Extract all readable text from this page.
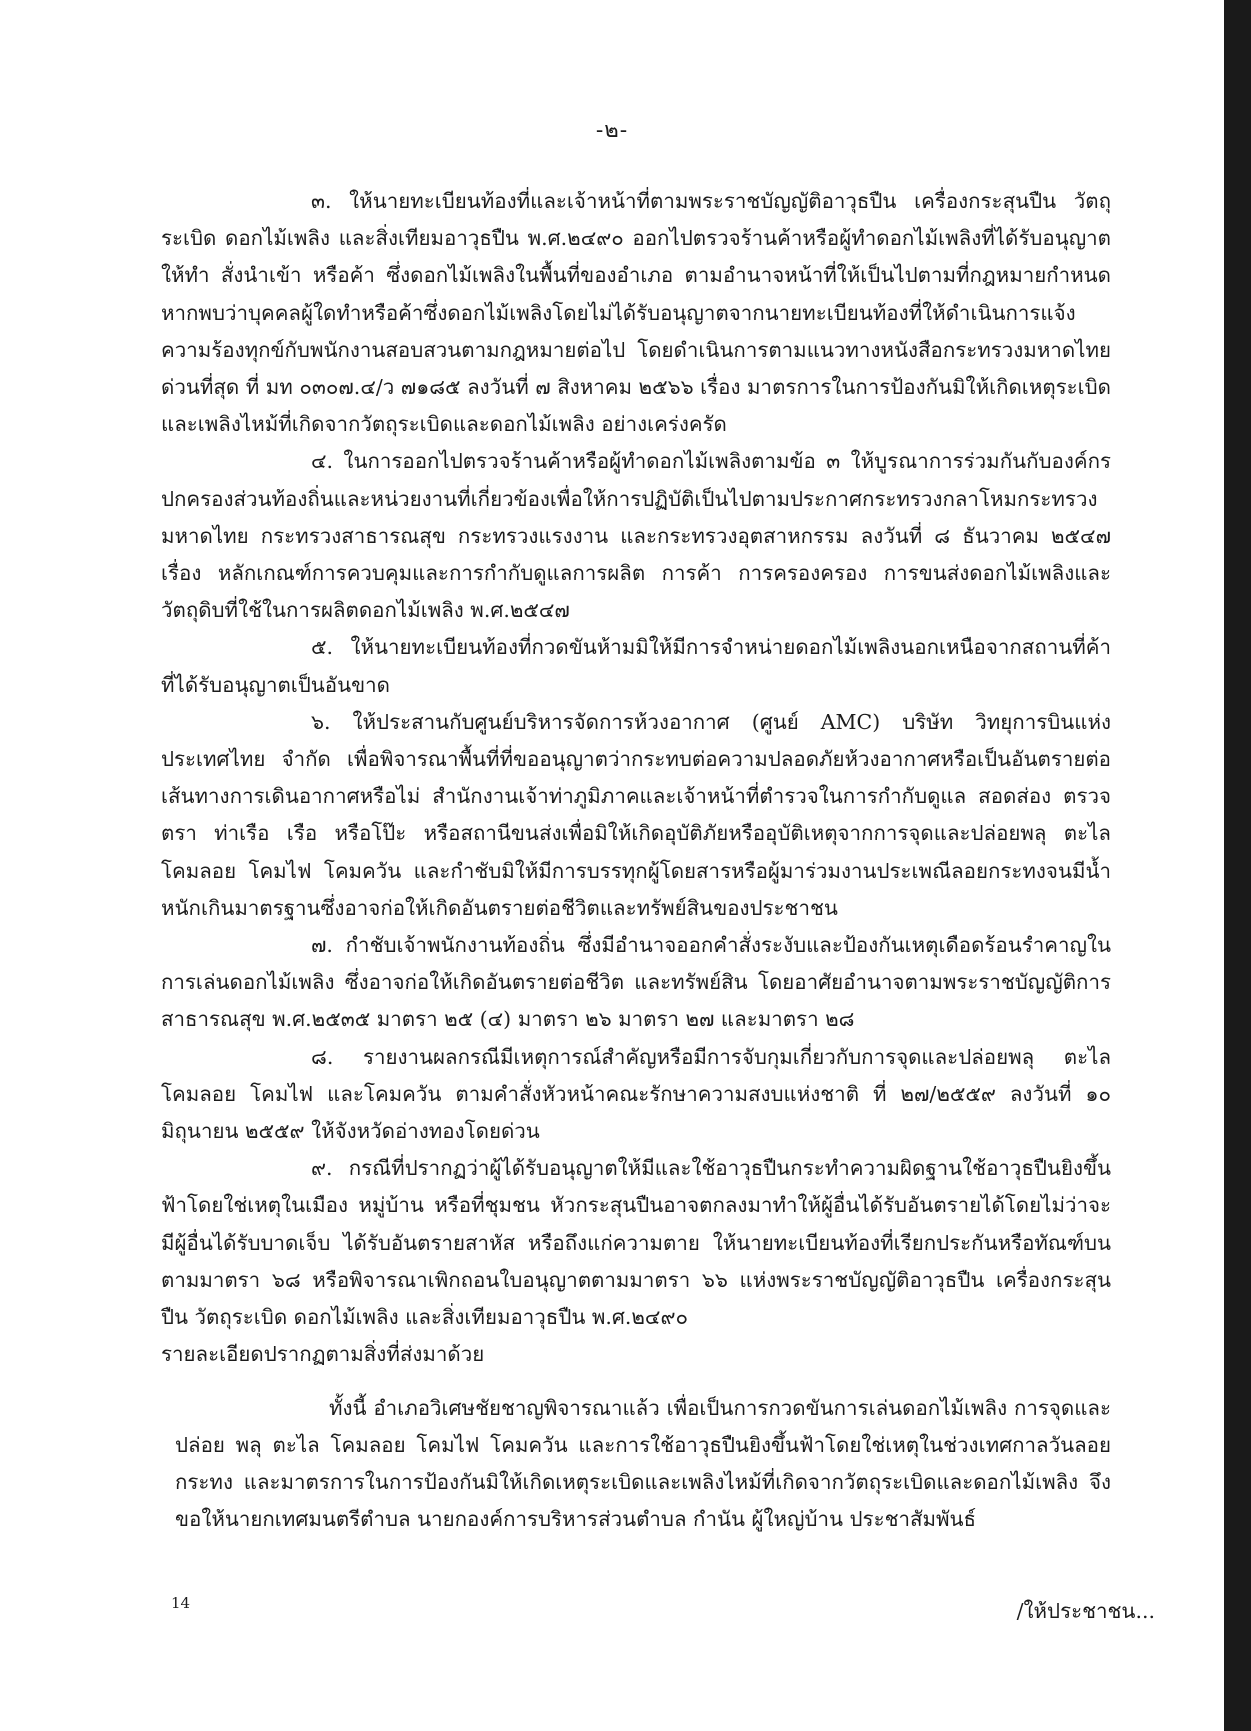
-๒-

๓. ให้นายทะเบียนท้องที่และเจ้าหน้าที่ตามพระราชบัญญัติอาวุธปืน เครื่องกระสุนปืน วัตถุระเบิด ดอกไม้เพลิง และสิ่งเทียมอาวุธปืน พ.ศ.๒๔๙๐ ออกไปตรวจร้านค้าหรือผู้ทำดอกไม้เพลิงที่ได้รับอนุญาตให้ทำ สั่งนำเข้า หรือค้า ซึ่งดอกไม้เพลิงในพื้นที่ของอำเภอ ตามอำนาจหน้าที่ให้เป็นไปตามที่กฎหมายกำหนด หากพบว่าบุคคลผู้ใดทำหรือค้าซึ่งดอกไม้เพลิงโดยไม่ได้รับอนุญาตจากนายทะเบียนท้องที่ให้ดำเนินการแจ้งความร้องทุกข์กับพนักงานสอบสวนตามกฎหมายต่อไป โดยดำเนินการตามแนวทางหนังสือกระทรวงมหาดไทย ด่วนที่สุด ที่ มท ๐๓๐๗.๔/ว ๗๑๘๕ ลงวันที่ ๗ สิงหาคม ๒๕๖๖ เรื่อง มาตรการในการป้องกันมิให้เกิดเหตุระเบิดและเพลิงไหม้ที่เกิดจากวัตถุระเบิดและดอกไม้เพลิง อย่างเคร่งครัด

๔. ในการออกไปตรวจร้านค้าหรือผู้ทำดอกไม้เพลิงตามข้อ ๓ ให้บูรณาการร่วมกันกับองค์กรปกครองส่วนท้องถิ่นและหน่วยงานที่เกี่ยวข้องเพื่อให้การปฏิบัติเป็นไปตามประกาศกระทรวงกลาโหมกระทรวงมหาดไทย กระทรวงสาธารณสุข กระทรวงแรงงาน และกระทรวงอุตสาหกรรม ลงวันที่ ๘ ธันวาคม ๒๕๔๗ เรื่อง หลักเกณฑ์การควบคุมและการกำกับดูแลการผลิต การค้า การครองครอง การขนส่งดอกไม้เพลิงและวัตถุดิบที่ใช้ในการผลิตดอกไม้เพลิง พ.ศ.๒๕๔๗

๕. ให้นายทะเบียนท้องที่กวดขันห้ามมิให้มีการจำหน่ายดอกไม้เพลิงนอกเหนือจากสถานที่ค้าที่ได้รับอนุญาตเป็นอันขาด

๖. ให้ประสานกับศูนย์บริหารจัดการห้วงอากาศ (ศูนย์ AMC) บริษัท วิทยุการบินแห่งประเทศไทย จำกัด เพื่อพิจารณาพื้นที่ที่ขออนุญาตว่ากระทบต่อความปลอดภัยห้วงอากาศหรือเป็นอันตรายต่อเส้นทางการเดินอากาศหรือไม่ สำนักงานเจ้าท่าภูมิภาคและเจ้าหน้าที่ตำรวจในการกำกับดูแล สอดส่อง ตรวจตรา ท่าเรือ เรือ หรือโป๊ะ หรือสถานีขนส่งเพื่อมิให้เกิดอุบัติภัยหรืออุบัติเหตุจากการจุดและปล่อยพลุ ตะไล โคมลอย โคมไฟ โคมควัน และกำชับมิให้มีการบรรทุกผู้โดยสารหรือผู้มาร่วมงานประเพณีลอยกระทงจนมีน้ำหนักเกินมาตรฐานซึ่งอาจก่อให้เกิดอันตรายต่อชีวิตและทรัพย์สินของประชาชน

๗. กำชับเจ้าพนักงานท้องถิ่น ซึ่งมีอำนาจออกคำสั่งระงับและป้องกันเหตุเดือดร้อนรำคาญในการเล่นดอกไม้เพลิง ซึ่งอาจก่อให้เกิดอันตรายต่อชีวิต และทรัพย์สิน โดยอาศัยอำนาจตามพระราชบัญญัติการสาธารณสุข พ.ศ.๒๕๓๕ มาตรา ๒๕ (๔) มาตรา ๒๖ มาตรา ๒๗ และมาตรา ๒๘

๘. รายงานผลกรณีมีเหตุการณ์สำคัญหรือมีการจับกุมเกี่ยวกับการจุดและปล่อยพลุ ตะไล โคมลอย โคมไฟ และโคมควัน ตามคำสั่งหัวหน้าคณะรักษาความสงบแห่งชาติ ที่ ๒๗/๒๕๕๙ ลงวันที่ ๑๐ มิถุนายน ๒๕๕๙ ให้จังหวัดอ่างทองโดยด่วน

๙. กรณีที่ปรากฏว่าผู้ได้รับอนุญาตให้มีและใช้อาวุธปืนกระทำความผิดฐานใช้อาวุธปืนยิงขึ้นฟ้าโดยใช่เหตุในเมือง หมู่บ้าน หรือที่ชุมชน หัวกระสุนปืนอาจตกลงมาทำให้ผู้อื่นได้รับอันตรายได้โดยไม่ว่าจะมีผู้อื่นได้รับบาดเจ็บ ได้รับอันตรายสาหัส หรือถึงแก่ความตาย ให้นายทะเบียนท้องที่เรียกประกันหรือทัณฑ์บน ตามมาตรา ๖๘ หรือพิจารณาเพิกถอนใบอนุญาตตามมาตรา ๖๖ แห่งพระราชบัญญัติอาวุธปืน เครื่องกระสุนปืน วัตถุระเบิด ดอกไม้เพลิง และสิ่งเทียมอาวุธปืน พ.ศ.๒๔๙๐

รายละเอียดปรากฏตามสิ่งที่ส่งมาด้วย

ทั้งนี้ อำเภอวิเศษชัยชาญพิจารณาแล้ว เพื่อเป็นการกวดขันการเล่นดอกไม้เพลิง การจุดและปล่อย พลุ ตะไล โคมลอย โคมไฟ โคมควัน และการใช้อาวุธปืนยิงขึ้นฟ้าโดยใช่เหตุในช่วงเทศกาลวันลอยกระทง และมาตรการในการป้องกันมิให้เกิดเหตุระเบิดและเพลิงไหม้ที่เกิดจากวัตถุระเบิดและดอกไม้เพลิง จึงขอให้นายกเทศมนตรีตำบล นายกองค์การบริหารส่วนตำบล กำนัน ผู้ใหญ่บ้าน ประชาสัมพันธ์

14	/ให้ประชาชน...
